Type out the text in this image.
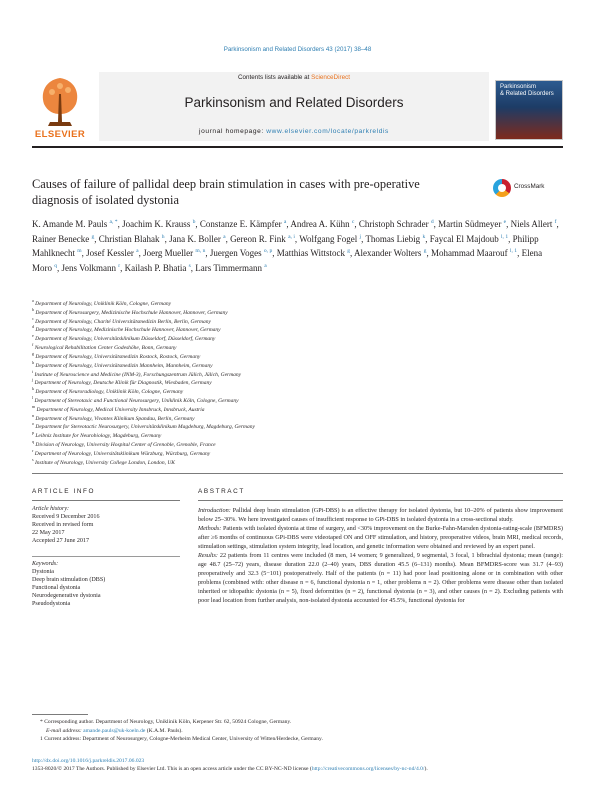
Parkinsonism and Related Disorders 43 (2017) 38–48
ELSEVIER
Contents lists available at ScienceDirect
Parkinsonism and Related Disorders
journal homepage: www.elsevier.com/locate/parkreldis
Parkinsonism
& Related Disorders
Causes of failure of pallidal deep brain stimulation in cases with pre-operative diagnosis of isolated dystonia
CrossMark
K. Amande M. Pauls $^{a, *}$, Joachim K. Krauss $^b$, Constanze E. Kämpfer $^a$, Andrea A. Kühn $^c$, Christoph Schrader $^d$, Martin Südmeyer $^e$, Niels Allert $^f$, Rainer Benecke $^g$, Christian Blahak $^h$, Jana K. Boller $^a$, Gereon R. Fink $^{a, i}$, Wolfgang Fogel $^j$, Thomas Liebig $^k$, Faycal El Majdoub $^{l, 1}$, Philipp Mahlknecht $^m$, Josef Kessler $^a$, Joerg Mueller $^{m, n}$, Juergen Voges $^{o, p}$, Matthias Wittstock $^g$, Alexander Wolters $^g$, Mohammad Maarouf $^{l, 1}$, Elena Moro $^q$, Jens Volkmann $^r$, Kailash P. Bhatia $^s$, Lars Timmermann $^a$
$^a$ Department of Neurology, Uniklinik Köln, Cologne, Germany
$^b$ Department of Neurosurgery, Medizinische Hochschule Hannover, Hannover, Germany
$^c$ Department of Neurology, Charité Universitätsmedizin Berlin, Berlin, Germany
$^d$ Department of Neurology, Medizinische Hochschule Hannover, Hannover, Germany
$^e$ Department of Neurology, Universitätsklinikum Düsseldorf, Düsseldorf, Germany
$^f$ Neurological Rehabilitation Center Godeshöhe, Bonn, Germany
$^g$ Department of Neurology, Universitätsmedizin Rostock, Rostock, Germany
$^h$ Department of Neurology, Universitätsmedizin Mannheim, Mannheim, Germany
$^i$ Institute of Neuroscience and Medicine (INM-3), Forschungszentrum Jülich, Jülich, Germany
$^j$ Department of Neurology, Deutsche Klinik für Diagnostik, Wiesbaden, Germany
$^k$ Department of Neuroradiology, Uniklinik Köln, Cologne, Germany
$^l$ Department of Stereotaxic and Functional Neurosurgery, Uniklinik Köln, Cologne, Germany
$^m$ Department of Neurology, Medical University Innsbruck, Innsbruck, Austria
$^n$ Department of Neurology, Vivantes Klinikum Spandau, Berlin, Germany
$^o$ Department for Stereotactic Neurosurgery, Universitätsklinikum Magdeburg, Magdeburg, Germany
$^p$ Leibniz Institute for Neurobiology, Magdeburg, Germany
$^q$ Division of Neurology, University Hospital Center of Grenoble, Grenoble, France
$^r$ Department of Neurology, Universitätsklinikum Würzburg, Würzburg, Germany
$^s$ Institute of Neurology, University College London, London, UK
ARTICLE INFO	ABSTRACT
Article history:
Received 9 December 2016
Received in revised form
22 May 2017
Accepted 27 June 2017
Keywords:
Dystonia
Deep brain stimulation (DBS)
Functional dystonia
Neurodegenerative dystonia
Pseudodystonia

Introduction: Pallidal deep brain stimulation (GPi-DBS) is an effective therapy for isolated dystonia, but 10–20% of patients show improvement below 25–30%. We here investigated causes of insufficient response to GPi-DBS in isolated dystonia in a cross-sectional study.

Methods: Patients with isolated dystonia at time of surgery, and <30% improvement on the Burke-Fahn-Marsden dystonia-rating-scale (BFMDRS) after ≥6 months of continuous GPi-DBS were videotaped ON and OFF stimulation, and history, preoperative videos, brain MRI, medical records, stimulation settings, stimulation system integrity, lead location, and genetic information were obtained and reviewed by an expert panel.

Results: 22 patients from 11 centres were included (8 men, 14 women; 9 generalized, 9 segmental, 3 focal, 1 bibrachial dystonia; mean (range): age 48.7 (25–72) years, disease duration 22.0 (2–40) years, DBS duration 45.5 (6–131) months). Mean BFMDRS-score was 31.7 (4–93) preoperatively and 32.3 (5−101) postoperatively. Half of the patients (n = 11) had poor lead positioning alone or in combination with other problems (combined with: other disease n = 6, functional dystonia n = 1, other problems n = 2). Other problems were disease other than isolated inherited or idiopathic dystonia (n = 5), fixed deformities (n = 2), functional dystonia (n = 3), and other causes (n = 2). Excluding patients with poor lead location from further analysis, non-isolated dystonia accounted for 45.5%, functional dystonia for

* Corresponding author. Department of Neurology, Uniklinik Köln, Kerpener Str. 62, 50924 Cologne, Germany.
E-mail address: amande.pauls@uk-koeln.de (K.A.M. Pauls).
1 Current address: Department of Neurosurgery, Cologne-Merheim Medical Center, University of Witten/Herdecke, Germany.
http://dx.doi.org/10.1016/j.parkreldis.2017.06.023
1353-8020/© 2017 The Authors. Published by Elsevier Ltd. This is an open access article under the CC BY-NC-ND license (http://creativecommons.org/licenses/by-nc-nd/4.0/).
